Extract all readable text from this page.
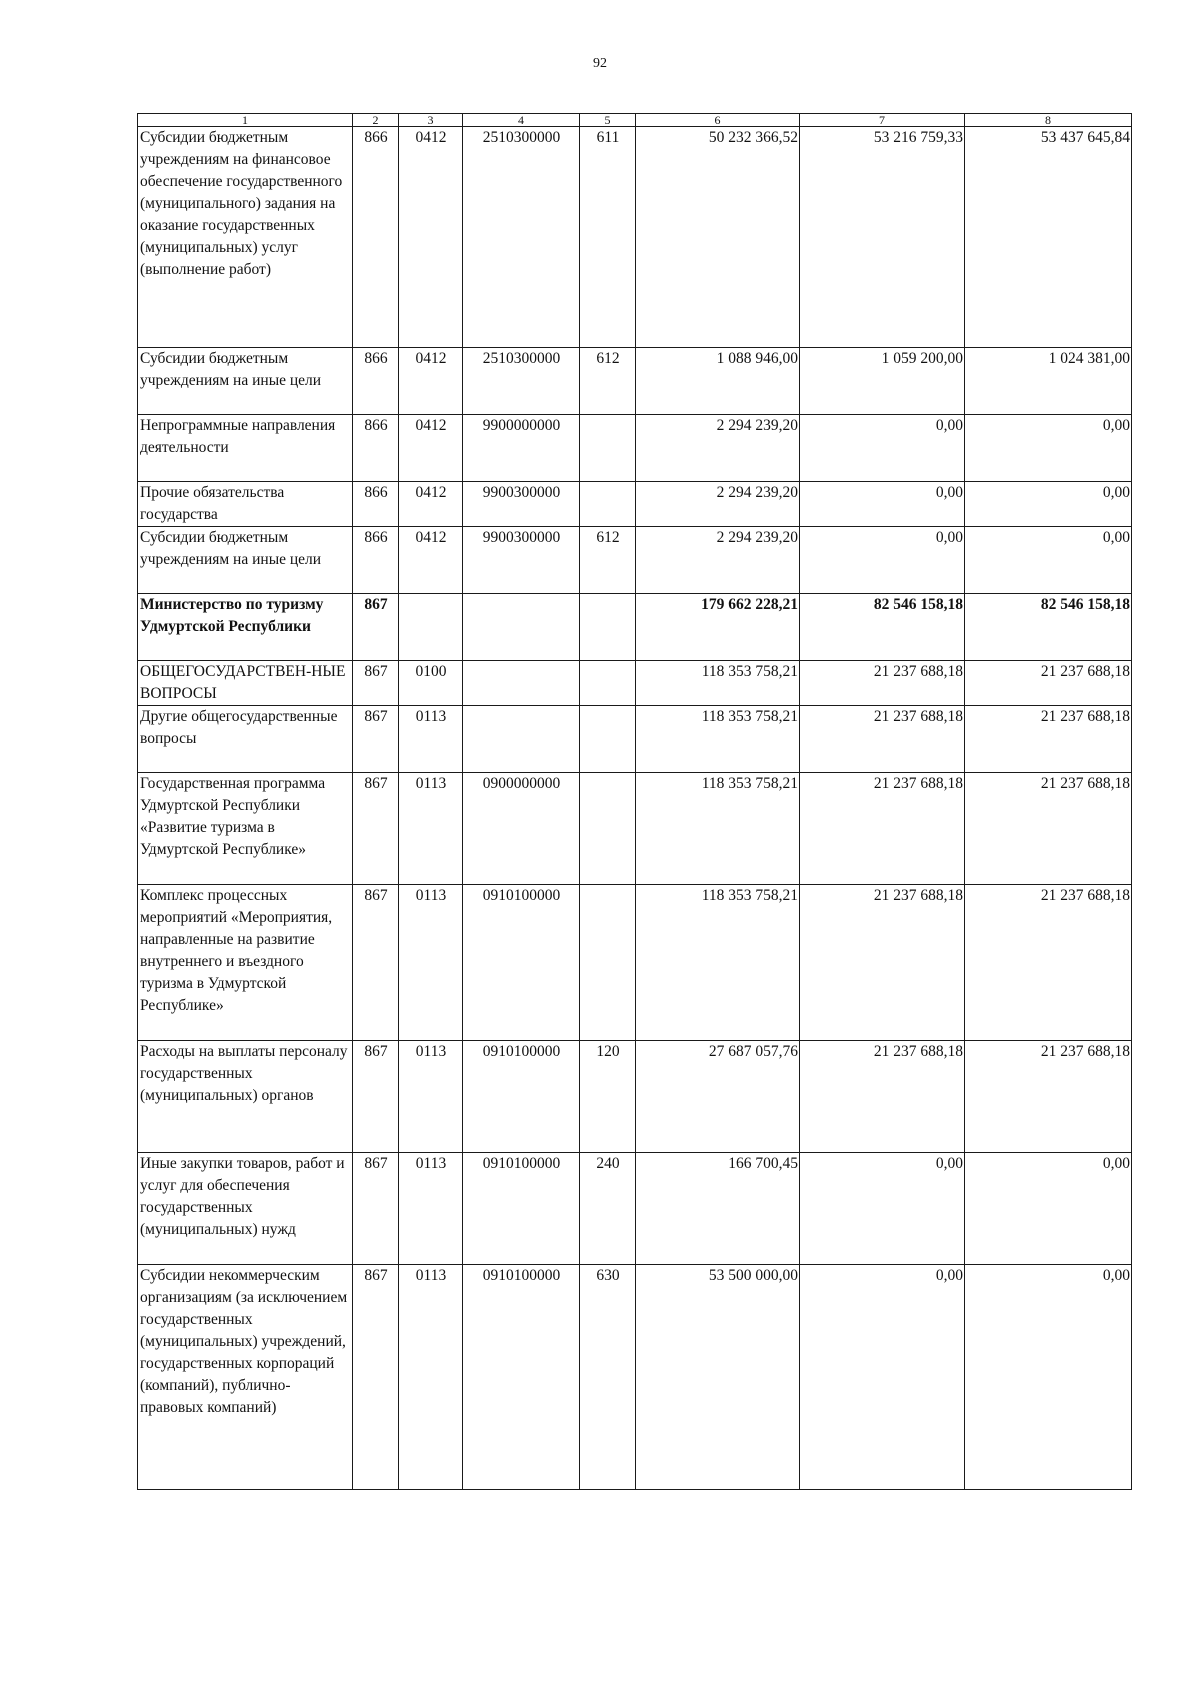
92
1	2	3	4	5	6	7	8
Субсидии бюджетным учреждениям на финансовое обеспечение государственного (муниципального) задания на оказание государственных (муниципальных) услуг (выполнение работ)	866	0412	2510300000	611	50 232 366,52	53 216 759,33	53 437 645,84
Субсидии бюджетным учреждениям на иные цели	866	0412	2510300000	612	1 088 946,00	1 059 200,00	1 024 381,00
Непрограммные направления деятельности	866	0412	9900000000		2 294 239,20	0,00	0,00
Прочие обязательства государства	866	0412	9900300000		2 294 239,20	0,00	0,00
Субсидии бюджетным учреждениям на иные цели	866	0412	9900300000	612	2 294 239,20	0,00	0,00
Министерство по туризму Удмуртской Республики	867				179 662 228,21	82 546 158,18	82 546 158,18
ОБЩЕГОСУДАРСТВЕН-НЫЕ ВОПРОСЫ	867	0100			118 353 758,21	21 237 688,18	21 237 688,18
Другие общегосударственные вопросы	867	0113			118 353 758,21	21 237 688,18	21 237 688,18
Государственная программа Удмуртской Республики «Развитие туризма в Удмуртской Республике»	867	0113	0900000000		118 353 758,21	21 237 688,18	21 237 688,18
Комплекс процессных мероприятий «Мероприятия, направленные на развитие внутреннего и въездного туризма в Удмуртской Республике»	867	0113	0910100000		118 353 758,21	21 237 688,18	21 237 688,18
Расходы на выплаты персоналу государственных (муниципальных) органов	867	0113	0910100000	120	27 687 057,76	21 237 688,18	21 237 688,18
Иные закупки товаров, работ и услуг для обеспечения государственных (муниципальных) нужд	867	0113	0910100000	240	166 700,45	0,00	0,00
Субсидии некоммерческим организациям (за исключением государственных (муниципальных) учреждений, государственных корпораций (компаний), публично-правовых компаний)	867	0113	0910100000	630	53 500 000,00	0,00	0,00
